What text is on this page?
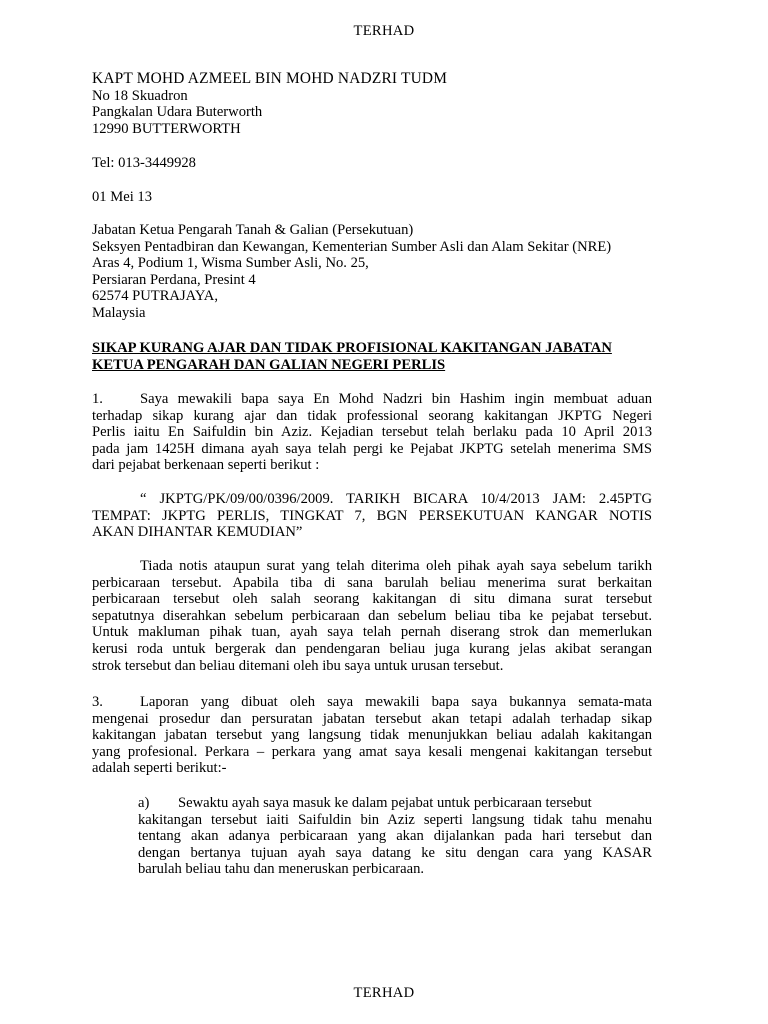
TERHAD
KAPT MOHD AZMEEL BIN MOHD NADZRI TUDM
No 18 Skuadron
Pangkalan Udara Buterworth
12990 BUTTERWORTH
Tel: 013-3449928
01 Mei 13
Jabatan Ketua Pengarah Tanah & Galian (Persekutuan)
Seksyen Pentadbiran dan Kewangan, Kementerian Sumber Asli dan Alam Sekitar (NRE)
Aras 4, Podium 1, Wisma Sumber Asli, No. 25,
Persiaran Perdana, Presint 4
62574 PUTRAJAYA,
Malaysia
SIKAP KURANG AJAR DAN TIDAK PROFISIONAL KAKITANGAN JABATAN
KETUA PENGARAH DAN GALIAN NEGERI PERLIS
1.	Saya mewakili bapa saya En Mohd Nadzri bin Hashim ingin membuat aduan
terhadap sikap kurang ajar dan tidak professional seorang kakitangan JKPTG Negeri
Perlis iaitu En Saifuldin bin Aziz. Kejadian tersebut telah berlaku pada 10 April 2013
pada jam 1425H dimana ayah saya telah pergi ke Pejabat JKPTG setelah menerima SMS
dari pejabat berkenaan seperti berikut :
“ JKPTG/PK/09/00/0396/2009. TARIKH BICARA 10/4/2013 JAM: 2.45PTG
TEMPAT: JKPTG PERLIS, TINGKAT 7, BGN PERSEKUTUAN KANGAR NOTIS
AKAN DIHANTAR KEMUDIAN”
Tiada notis ataupun surat yang telah diterima oleh pihak ayah saya sebelum tarikh
perbicaraan tersebut. Apabila tiba di sana barulah beliau menerima surat berkaitan
perbicaraan tersebut oleh salah seorang kakitangan di situ dimana surat tersebut
sepatutnya diserahkan sebelum perbicaraan dan sebelum beliau tiba ke pejabat tersebut.
Untuk makluman pihak tuan, ayah saya telah pernah diserang strok dan memerlukan
kerusi roda untuk bergerak dan pendengaran beliau juga kurang jelas akibat serangan
strok tersebut dan beliau ditemani oleh ibu saya untuk urusan tersebut.
3.	Laporan yang dibuat oleh saya mewakili bapa saya bukannya semata-mata
mengenai prosedur dan persuratan jabatan tersebut akan tetapi adalah terhadap sikap
kakitangan jabatan tersebut yang langsung tidak menunjukkan beliau adalah kakitangan
yang profesional. Perkara – perkara yang amat saya kesali mengenai kakitangan tersebut
adalah seperti berikut:-
a) Sewaktu ayah saya masuk ke dalam pejabat untuk perbicaraan tersebut
kakitangan tersebut iaiti Saifuldin bin Aziz seperti langsung tidak tahu menahu
tentang akan adanya perbicaraan yang akan dijalankan pada hari tersebut dan
dengan bertanya tujuan ayah saya datang ke situ dengan cara yang KASAR
barulah beliau tahu dan meneruskan perbicaraan.
TERHAD
